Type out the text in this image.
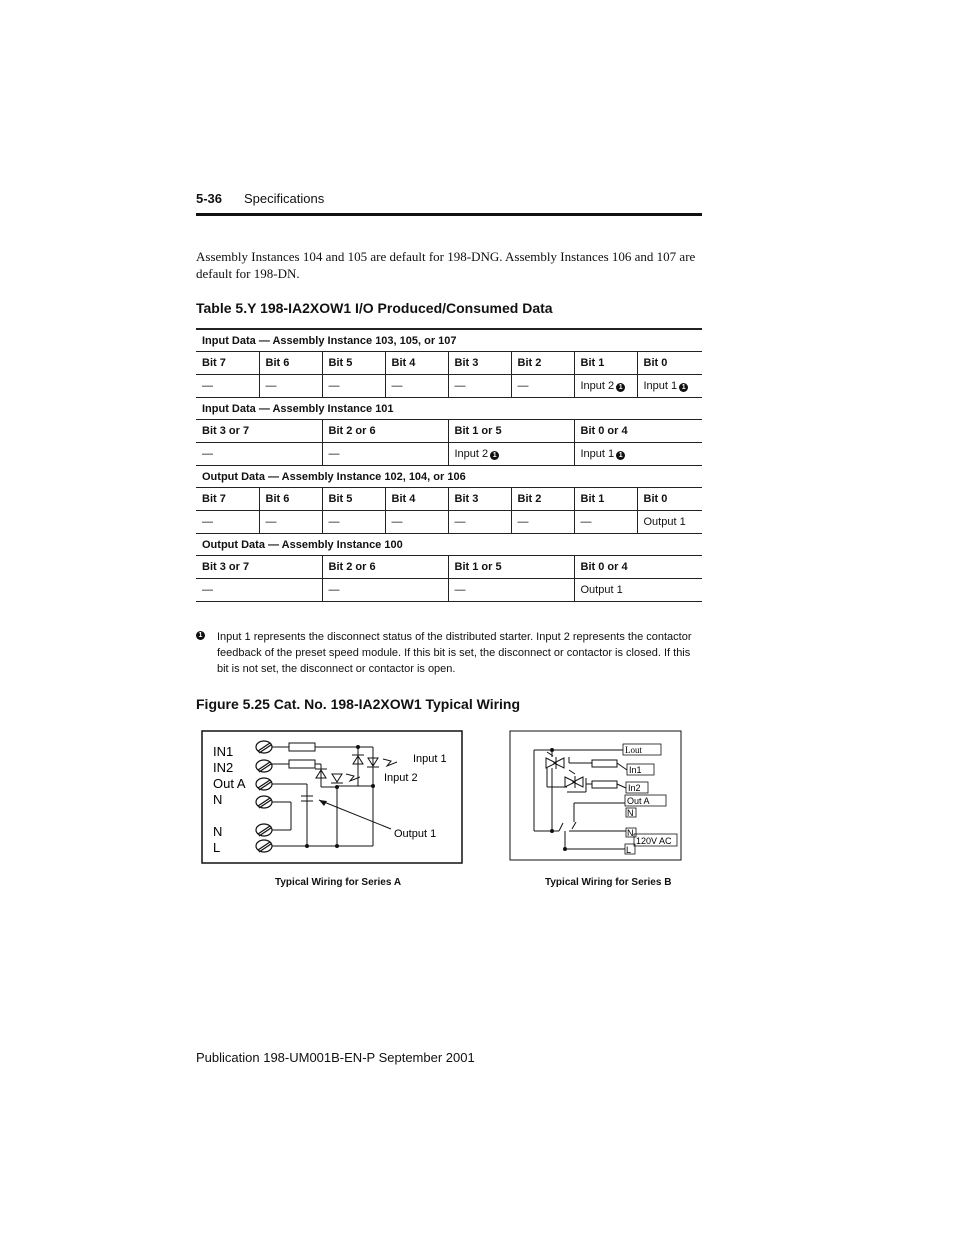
5-36 Specifications

Assembly Instances 104 and 105 are default for 198-DNG. Assembly Instances 106 and 107 are default for 198-DN.

Table 5.Y 198-IA2XOW1 I/O Produced/Consumed Data
Input Data — Assembly Instance 103, 105, or 107							
Bit 7	Bit 6	Bit 5	Bit 4	Bit 3	Bit 2	Bit 1	Bit 0
—	—	—	—	—	—	Input 2 1	Input 1 1
Input Data — Assembly Instance 101							
Bit 3 or 7		Bit 2 or 6		Bit 1 or 5		Bit 0 or 4	
—		—		Input 2 1		Input 1 1	
Output Data — Assembly Instance 102, 104, or 106							
Bit 7	Bit 6	Bit 5	Bit 4	Bit 3	Bit 2	Bit 1	Bit 0
—	—	—	—	—	—	—	Output 1
Output Data — Assembly Instance 100							
Bit 3 or 7		Bit 2 or 6		Bit 1 or 5		Bit 0 or 4	
—		—		—		Output 1	
1 Input 1 represents the disconnect status of the distributed starter. Input 2 represents the contactor feedback of the preset speed module. If this bit is set, the disconnect or contactor is closed. If this bit is not set, the disconnect or contactor is open.
Figure 5.25 Cat. No. 198-IA2XOW1 Typical Wiring
IN1
IN2
Out A
N
N
L
Input 1
Input 2
Output 1
Lout
In1
In2
Out A
N
N
L
120V AC
Typical Wiring for Series A	Typical Wiring for Series B
Publication 198-UM001B-EN-P September 2001
